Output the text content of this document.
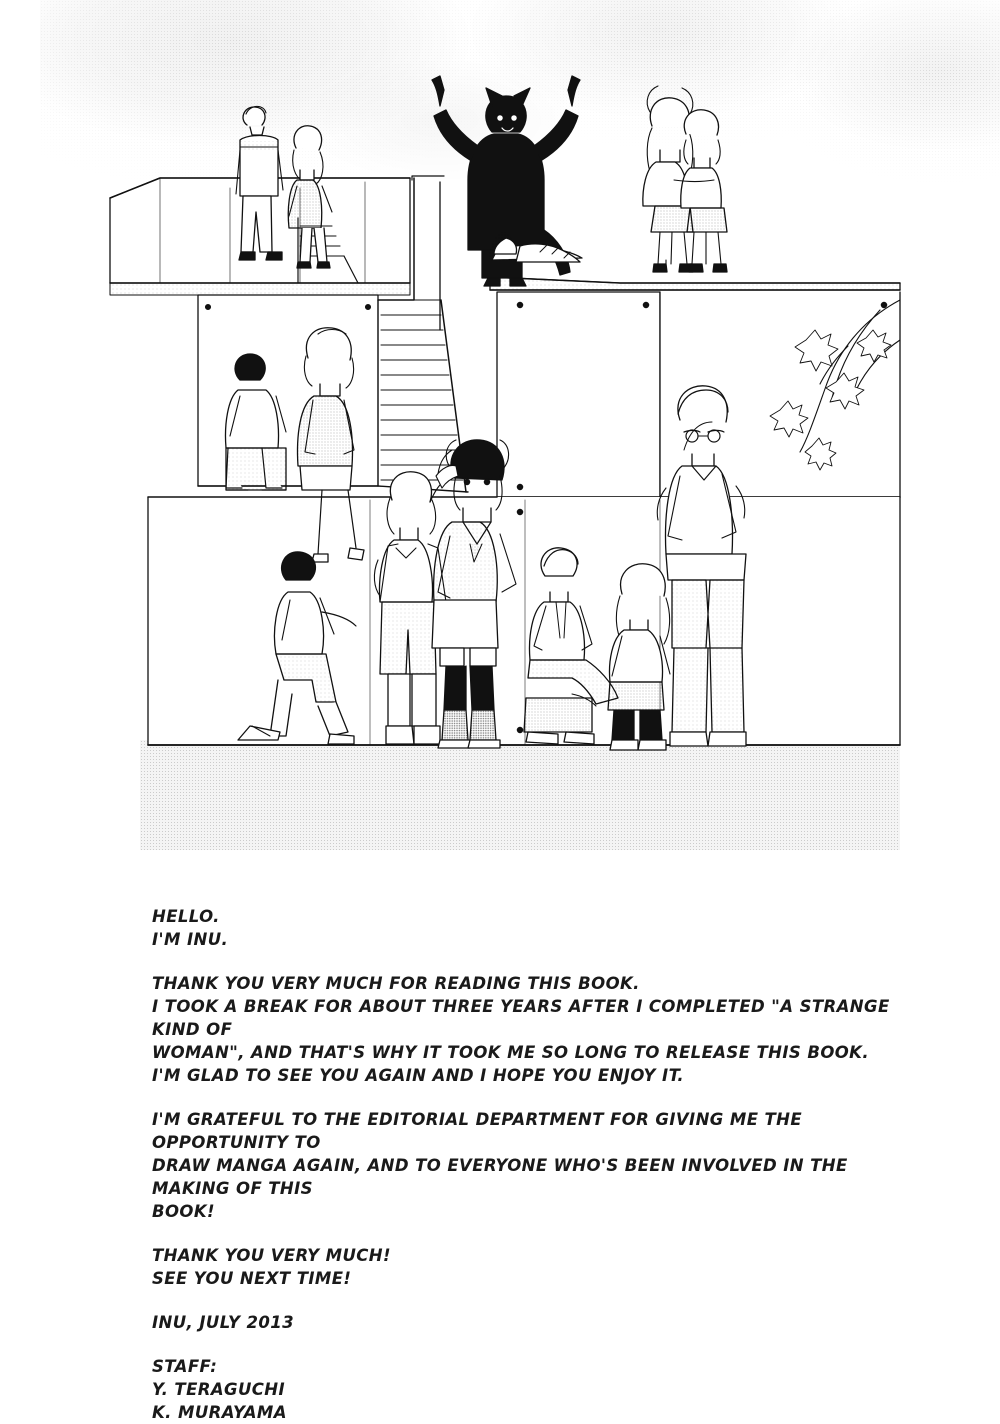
HELLO.
I'M INU.
THANK YOU VERY MUCH FOR READING THIS BOOK.
I TOOK A BREAK FOR ABOUT THREE YEARS AFTER I COMPLETED "A STRANGE KIND OF
WOMAN", AND THAT'S WHY IT TOOK ME SO LONG TO RELEASE THIS BOOK.
I'M GLAD TO SEE YOU AGAIN AND I HOPE YOU ENJOY IT.
I'M GRATEFUL TO THE EDITORIAL DEPARTMENT FOR GIVING ME THE OPPORTUNITY TO
DRAW MANGA AGAIN, AND TO EVERYONE WHO'S BEEN INVOLVED IN THE MAKING OF THIS
BOOK!
THANK YOU VERY MUCH!
SEE YOU NEXT TIME!
INU, JULY 2013
STAFF:
Y. TERAGUCHI
K. MURAYAMA
